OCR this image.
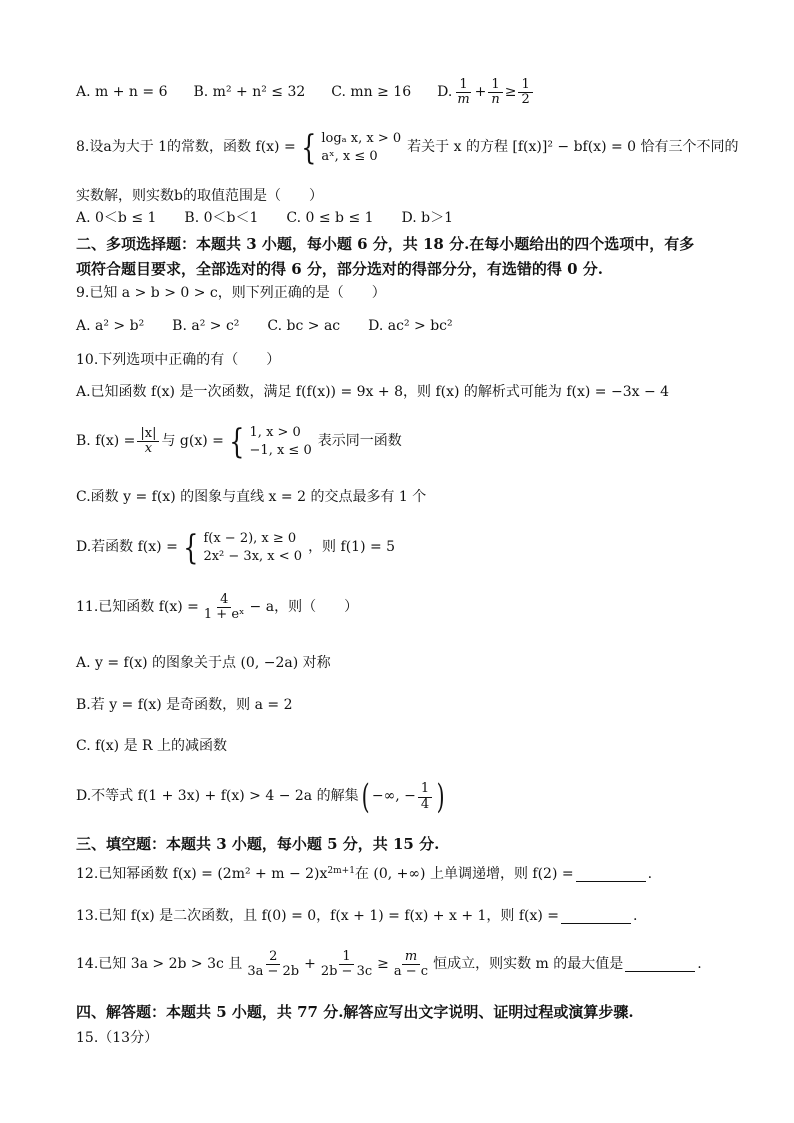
A. m + n = 6 B. m² + n² ≤ 32 C. mn ≥ 16 D. $\frac{1}{m} + \frac{1}{n} \ge \frac{1}{2}$
8.设a为大于 1的常数，函数 f(x) = { logₐ x, x > 0
aˣ, x ≤ 0
若关于 x 的方程 [f(x)]² − bf(x) = 0 恰有三个不同的
实数解，则实数b的取值范围是（　　）
A. 0＜b ≤ 1　　B. 0＜b＜1　　C. 0 ≤ b ≤ 1　　D. b＞1
二、多项选择题：本题共 3 小题，每小题 6 分，共 18 分.在每小题给出的四个选项中，有多
项符合题目要求，全部选对的得 6 分，部分选对的得部分分，有选错的得 0 分.
9.已知 a > b > 0 > c，则下列正确的是（　　）
A. a² > b²　　B. a² > c²　　C. bc > ac　　D. ac² > bc²
10.下列选项中正确的有（　　）
A.已知函数 f(x) 是一次函数，满足 f(f(x)) = 9x + 8，则 f(x) 的解析式可能为 f(x) = −3x − 4
B. $f(x) = \frac{|x|}{x}$ 与 g(x) = { 1, x > 0
−1, x ≤ 0
表示同一函数
C.函数 y = f(x) 的图象与直线 x = 2 的交点最多有 1 个
D.若函数 f(x) = { f(x − 2), x ≥ 0
2x² − 3x, x < 0
，则 f(1) = 5
11.已知函数 $f(x) = \frac{4}{\text{1 + eˣ}} - a$，则（　　）
A. y = f(x) 的图象关于点 (0, −2a) 对称
B.若 y = f(x) 是奇函数，则 a = 2
C. f(x) 是 R 上的减函数
D.不等式 f(1 + 3x) + f(x) > 4 − 2a 的解集 ( −∞, − $\frac{1}{4}$ )
三、填空题：本题共 3 小题，每小题 5 分，共 15 分.
12.已知幂函数 $f(x) = (2m^2 + m - 2)x^{2m+1}$ 在 (0, +∞) 上单调递增，则 f(2) =	.
13.已知 f(x) 是二次函数，且 f(0) = 0，f(x + 1) = f(x) + x + 1，则 f(x) =	.
14.已知 3a > 2b > 3c 且 $\frac{2}{3a - 2b} + \frac{1}{2b - 3c} \ge \frac{m}{a - c}$ 恒成立，则实数 m 的最大值是	.
四、解答题：本题共 5 小题，共 77 分.解答应写出文字说明、证明过程或演算步骤.
15.（13分）
